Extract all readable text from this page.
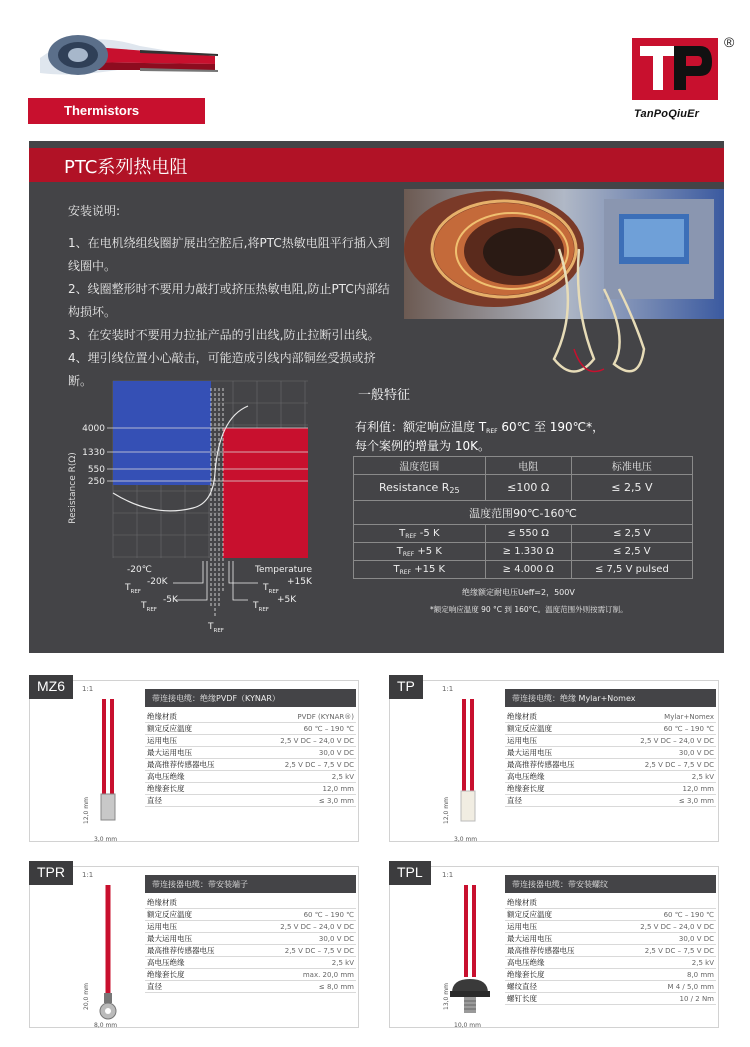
Thermistors
®
TanPoQiuEr
PTC系列热电阻

安装说明:

1、在电机绕组线圈扩展出空腔后,将PTC热敏电阻平行插入到

线圈中。

2、线圈整形时不要用力敲打或挤压热敏电阻,防止PTC内部结

构损坏。

3、在安装时不要用力拉扯产品的引出线,防止拉断引出线。

4、埋引线位置小心敲击，可能造成引线内部铜丝受损或挤断。

4000
1330
550
250
Resistance R(Ω)
-20℃	Temperature
$T_{REF}-20K$
$T_{REF}+15K$
$T_{REF}-5K$
$T_{REF}+5K$
$T_{REF}$
一般特征
有利值：额定响应温度 $T_{REF}$ 60℃ 至 190℃*，
每个案例的增量为 10K。
温度范围	电阻	标准电压
Resistance $R_{25}$	≤100 Ω	≤ 2,5 V
温度范围90℃-160℃		
$T_{REF}$ -5 K	≤ 550 Ω	≤ 2,5 V
$T_{REF} +5$ K	≥ 1.330 Ω	≤ 2,5 V
$T_{REF} +15$ K	≥ 4.000 Ω	≤ 7,5 V pulsed
绝缘额定耐电压Ueff=2，500V
*额定响应温度 90 °C 到 160°C。温度范围外则按需订制。
MZ6	1:1
12,0 mm
3,0 mm
带连接电缆：绝缘PVDF（KYNAR）
绝缘材质	PVDF (KYNAR®)
额定反应温度	60 ℃ – 190 ℃
运用电压	2,5 V DC – 24,0 V DC
最大运用电压	30,0 V DC
最高推荐传感器电压	2,5 V DC – 7,5 V DC
高电压绝缘	2,5 kV
绝缘套长度	12,0 mm
直径	≤ 3,0 mm
TP	1:1
12,0 mm
3,0 mm
带连接电缆：绝缘 Mylar+Nomex
绝缘材质	Mylar+Nomex
额定反应温度	60 ℃ – 190 ℃
运用电压	2,5 V DC – 24,0 V DC
最大运用电压	30,0 V DC
最高推荐传感器电压	2,5 V DC – 7,5 V DC
高电压绝缘	2,5 kV
绝缘套长度	12,0 mm
直径	≤ 3,0 mm
TPR	1:1
20,0 mm
8,0 mm
带连接器电缆：带安装端子
绝缘材质	
额定反应温度	60 ℃ – 190 ℃
运用电压	2,5 V DC – 24,0 V DC
最大运用电压	30,0 V DC
最高推荐传感器电压	2,5 V DC – 7,5 V DC
高电压绝缘	2,5 kV
绝缘套长度	max. 20,0 mm
直径	≤ 8,0 mm
TPL	1:1
13,0 mm
10,0 mm
带连接器电缆：带安装螺纹
绝缘材质	
额定反应温度	60 ℃ – 190 ℃
运用电压	2,5 V DC – 24,0 V DC
最大运用电压	30,0 V DC
最高推荐传感器电压	2,5 V DC – 7,5 V DC
高电压绝缘	2,5 kV
绝缘套长度	8,0 mm
螺纹直径	M 4 / 5,0 mm
螺钉长度	10 / 2 Nm
